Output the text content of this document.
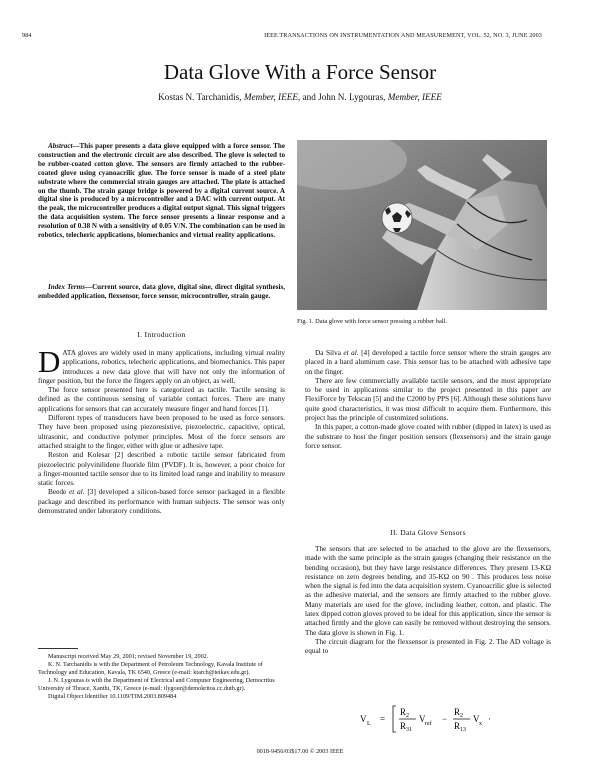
984	IEEE TRANSACTIONS ON INSTRUMENTATION AND MEASUREMENT, VOL. 52, NO. 3, JUNE 2003
Data Glove With a Force Sensor
Kostas N. Tarchanidis, Member, IEEE, and John N. Lygouras, Member, IEEE

Abstract—This paper presents a data glove equipped with a force sensor. The construction and the electronic circuit are also described. The glove is selected to be rubber-coated cotton glove. The sensors are firmly attached to the rubber-coated glove using cyanoacrilic glue. The force sensor is made of a steel plate substrate where the commercial strain gauges are attached. The plate is attached on the thumb. The strain gauge bridge is powered by a digital current source. A digital sine is produced by a microcontroller and a DAC with current output. At the peak, the microcontroller produces a digital output signal. This signal triggers the data acquisition system. The force sensor presents a linear response and a resolution of 0.38 N with a sensitivity of 0.05 V/N. The combination can be used in robotics, telecheric applications, biomechanics and virtual reality applications.

Index Terms—Current source, data glove, digital sine, direct digital synthesis, embedded application, flexsensor, force sensor, microcontroller, strain gauge.

Fig. 1. Data glove with force sensor pressing a rubber ball.
I. Introduction

DATA gloves are widely used in many applications, including virtual reality applications, robotics, telecheric applications, and biomechanics. This paper introduces a new data glove that will have not only the information of finger position, but the force the fingers apply on an object, as well.

The force sensor presented here is categorized as tactile. Tactile sensing is defined as the continuous sensing of variable contact forces. There are many applications for sensors that can accurately measure finger and hand forces [1].

Different types of transducers have been proposed to be used as force sensors. They have been proposed using piezoresistive, piezoelectric, capacitive, optical, ultrasonic, and conductive polymer principles. Most of the force sensors are attached straight to the finger, either with glue or adhesive tape.

Reston and Kolesar [2] described a robotic tactile sensor fabricated from piezoelectric polyvinilidene fluoride film (PVDF). It is, however, a poor choice for a finger-mounted tactile sensor due to its limited load range and inability to measure static forces.

Beede et al. [3] developed a silicon-based force sensor packaged in a flexible package and described its performance with human subjects. The sensor was only demonstrated under laboratory conditions.

Da Silva et al. [4] developed a tactile force sensor where the strain gauges are placed in a hard aluminum case. This sensor has to be attached with adhesive tape on the finger.

There are few commercially available tactile sensors, and the most appropriate to be used in applications similar to the project presented in this paper are FlexiForce by Tekscan [5] and the C2000 by PPS [6]. Although these solutions have quite good characteristics, it was most difficult to acquire them. Furthermore, this project has the principle of customized solutions.

In this paper, a cotton-made glove coated with rubber (dipped in latex) is used as the substrate to host the finger position sensors (flexsensors) and the strain gauge force sensor.

II. Data Glove Sensors

The sensors that are selected to be attached to the glove are the flexsensors, made with the same principle as the strain gauges (changing their resistance on the bending occasion), but they have large resistance differences. They present 13-KΩ resistance on zero degrees bending, and 35-KΩ on 90 . This produces less noise when the signal is fed into the data acquisition system. Cyanoacrilic glue is selected as the adhesive material, and the sensors are firmly attached to the rubber glove. Many materials are used for the glove, including leather, cotton, and plastic. The latex dipped cotton gloves proved to be ideal for this application, since the sensor is attached firmly and the glove can easily be removed without destroying the sensors. The data glove is shown in Fig. 1.

The circuit diagram for the flexsensor is presented in Fig. 2. The AD voltage is equal to

V L =
R 2
R 31
V ref −
R 2
R 13
V x ·

Manuscript received May 29, 2001; revised November 19, 2002.

K. N. Tarchanidis is with the Department of Petroleum Technology, Kavala Institute of Technology and Education, Kavala, TK 6540, Greece (e-mail: ktarch@teikav.edu.gr).

J. N. Lygouras is with the Department of Electrical and Computer Engineering, Democritus University of Thrace, Xanthi, TK, Greece (e-mail: ilygour@demokritos.cc.duth.gr).

Digital Object Identifier 10.1109/TIM.2003.809484

0018-9456/03$17.00 © 2003 IEEE
